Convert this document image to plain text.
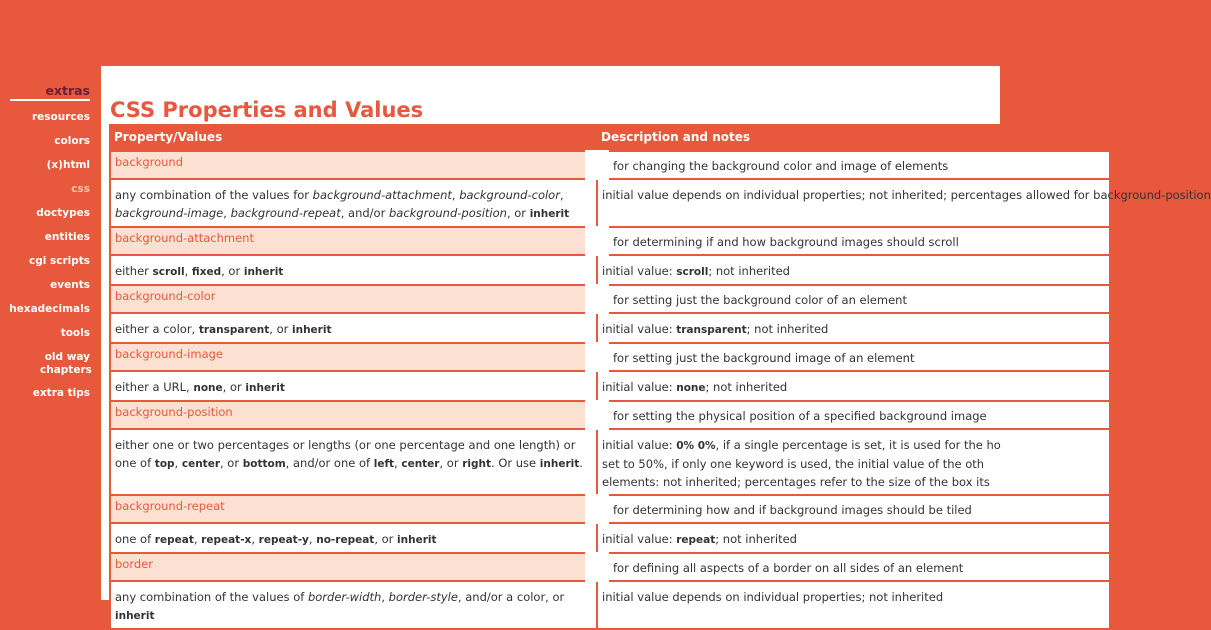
extras
resources
colors
(x)html
css
doctypes
entities
cgi scripts
events
hexadecimals
tools
old way chapters
extra tips
CSS Properties and Values
Property/Values	Description and notes
background	for changing the background color and image of elements
any combination of the values for background-attachment, background-color, background-image, background-repeat, and/or background-position, or inherit	initial value depends on individual properties; not inherited; percentages allowed for background-position
background-attachment	for determining if and how background images should scroll
either scroll, fixed, or inherit	initial value: scroll; not inherited
background-color	for setting just the background color of an element
either a color, transparent, or inherit	initial value: transparent; not inherited
background-image	for setting just the background image of an element
either a URL, none, or inherit	initial value: none; not inherited
background-position	for setting the physical position of a specified background image
either one or two percentages or lengths (or one percentage and one length) or one of top, center, or bottom, and/or one of left, center, or right. Or use inherit.	initial value: 0% 0%, if a single percentage is set, it is used for the ho
set to 50%, if only one keyword is used, the initial value of the oth
elements: not inherited; percentages refer to the size of the box its
background-repeat	for determining how and if background images should be tiled
one of repeat, repeat-x, repeat-y, no-repeat, or inherit	initial value: repeat; not inherited
border	for defining all aspects of a border on all sides of an element
any combination of the values of border-width, border-style, and/or a color, or inherit	initial value depends on individual properties; not inherited
